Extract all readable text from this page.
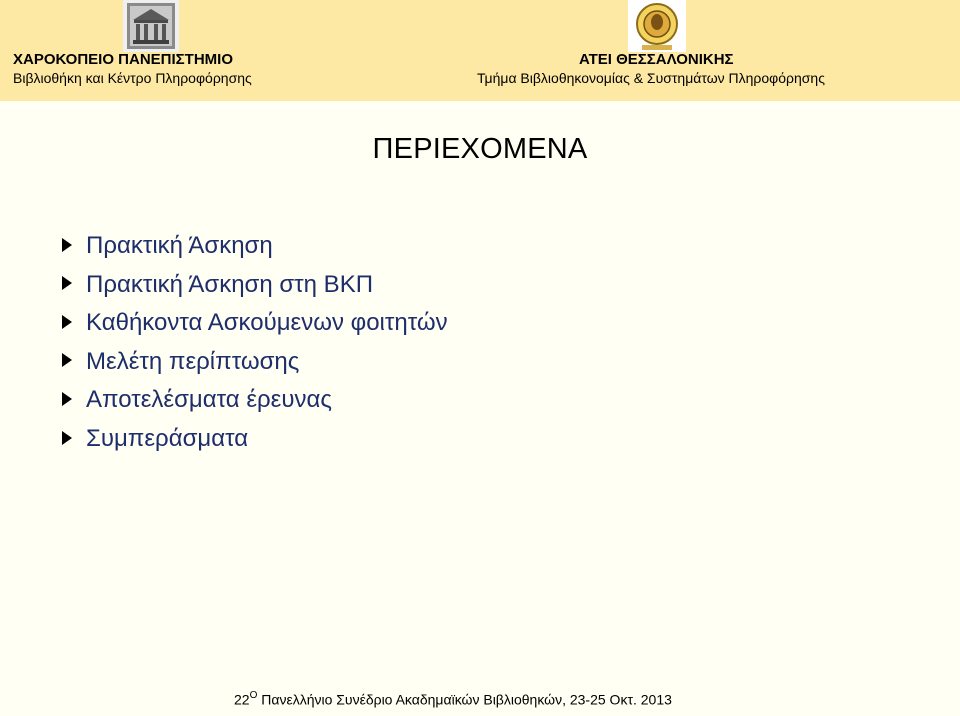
ΧΑΡΟΚΟΠΕΙΟ ΠΑΝΕΠΙΣΤΗΜΙΟ
Βιβλιοθήκη και Κέντρο Πληροφόρησης
ΑΤΕΙ ΘΕΣΣΑΛΟΝΙΚΗΣ
Τμήμα Βιβλιοθηκονομίας & Συστημάτων Πληροφόρησης
ΠΕΡΙΕΧΟΜΕΝΑ
Πρακτική Άσκηση
Πρακτική Άσκηση στη ΒΚΠ
Καθήκοντα Ασκούμενων φοιτητών
Μελέτη περίπτωσης
Αποτελέσματα έρευνας
Συμπεράσματα
$22^O$ Πανελλήνιο Συνέδριο Ακαδημαϊκών Βιβλιοθηκών, 23-25 Οκτ. 2013
